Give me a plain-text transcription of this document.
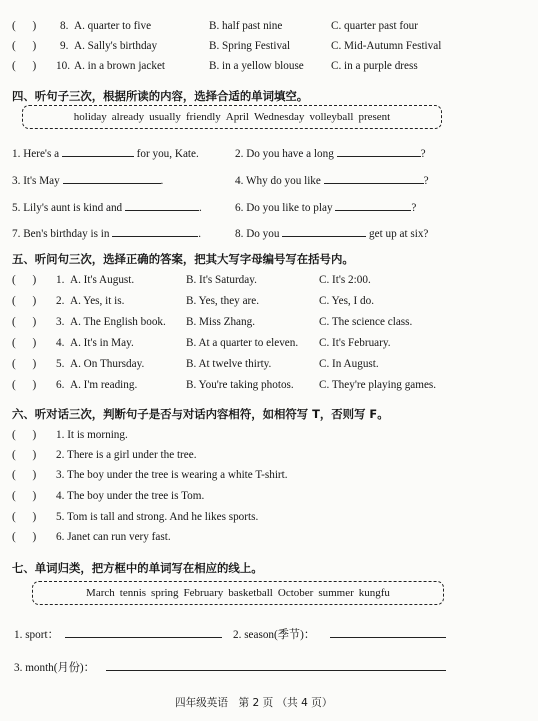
(      ) 8. A. quarter to five	B. half past nine	C. quarter past four
(      ) 9. A. Sally's birthday	B. Spring Festival	C. Mid-Autumn Festival
(      ) 10. A. in a brown jacket	B. in a yellow blouse C. in a purple dress
四、听句子三次，根据所读的内容，选择合适的单词填空。
holiday already usually friendly April Wednesday volleyball present
1. Here's a	for you, Kate.	2. Do you have a long	?
3. It's May	.	4. Why do you like	?
5. Lily's aunt is kind and	.	6. Do you like to play	?
7. Ben's birthday is in	.	8. Do you	get up at six?
五、听问句三次，选择正确的答案，把其大写字母编号写在括号内。
(      ) 1. A. It's August.	B. It's Saturday.	C. It's 2:00.
(      ) 2. A. Yes, it is.	B. Yes, they are.	C. Yes, I do.
(      ) 3. A. The English book. B. Miss Zhang.	C. The science class.
(      ) 4. A. It's in May.	B. At a quarter to eleven. C. It's February.
(      ) 5. A. On Thursday.	B. At twelve thirty.	C. In August.
(      ) 6. A. I'm reading.	B. You're taking photos. C. They're playing games.
六、听对话三次，判断句子是否与对话内容相符，如相符写 T，否则写 F。
(      ) 1. It is morning.
(      ) 2. There is a girl under the tree.
(      ) 3. The boy under the tree is wearing a white T-shirt.
(      ) 4. The boy under the tree is Tom.
(      ) 5. Tom is tall and strong. And he likes sports.
(      ) 6. Janet can run very fast.
七、单词归类，把方框中的单词写在相应的线上。
March tennis spring February basketball October summer kungfu
1. sport：	2. season(季节)：
3. month(月份)：
四年级英语　第 2 页 （共 4 页）
